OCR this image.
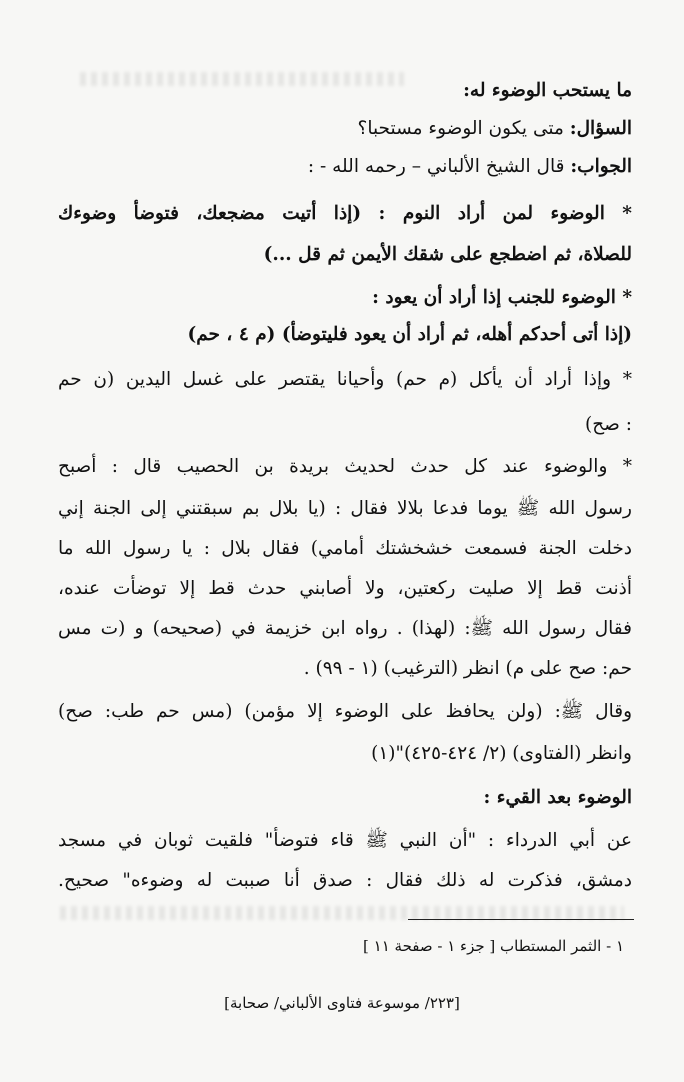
ما يستحب الوضوء له:
السؤال: متى يكون الوضوء مستحبا؟
الجواب: قال الشيخ الألباني – رحمه الله - :
* الوضوء لمن أراد النوم : (إذا أتيت مضجعك، فتوضأ وضوءك
للصلاة، ثم اضطجع على شقك الأيمن ثم قل ...)
* الوضوء للجنب إذا أراد أن يعود :
(إذا أتى أحدكم أهله، ثم أراد أن يعود فليتوضأ) (م ٤ ، حم)
* وإذا أراد أن يأكل (م حم) وأحيانا يقتصر على غسل اليدين (ن حم
: صح)
* والوضوء عند كل حدث لحديث بريدة بن الحصيب قال : أصبح
رسول الله ﷺ يوما فدعا بلالا فقال : (يا بلال بم سبقتني إلى الجنة إني
دخلت الجنة فسمعت خشخشتك أمامي) فقال بلال : يا رسول الله ما
أذنت قط إلا صليت ركعتين، ولا أصابني حدث قط إلا توضأت عنده،
فقال رسول الله ﷺ: (لهذا) . رواه ابن خزيمة في (صحيحه) و (ت مس
حم: صح على م) انظر (الترغيب) (١ - ٩٩) .
وقال ﷺ: (ولن يحافظ على الوضوء إلا مؤمن) (مس حم طب: صح)
وانظر (الفتاوى) (٢/ ٤٢٤-٤٢٥)"(١)
الوضوء بعد القيء :
عن أبي الدرداء : "أن النبي ﷺ قاء فتوضأ" فلقيت ثوبان في مسجد
دمشق، فذكرت له ذلك فقال : صدق أنا صببت له وضوءه" صحيح.
١ - الثمر المستطاب [ جزء ١ - صفحة ١١ ]
[٢٢٣/ موسوعة فتاوى الألباني/ صحابة]
